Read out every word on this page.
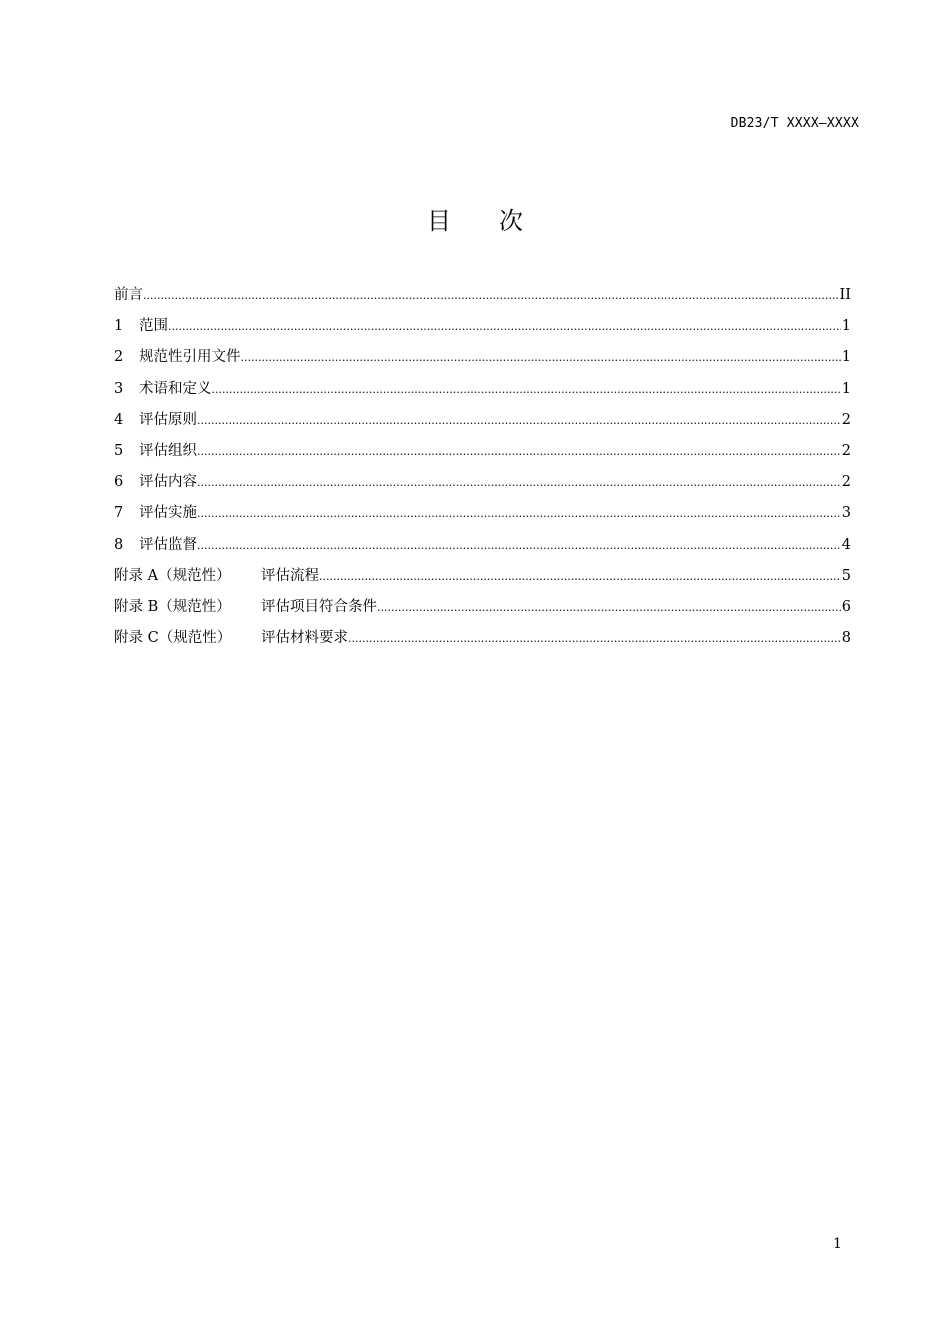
DB23/T XXXX—XXXX
目　　次
前言 .....	II
1	范围 .....	1
2	规范性引用文件 .....	1
3	术语和定义 .....	1
4	评估原则 .....	2
5	评估组织 .....	2
6	评估内容 .....	2
7	评估实施 .....	3
8	评估监督 .....	4
附录 A（规范性）	评估流程 .....	5
附录 B（规范性）	评估项目符合条件 .....	6
附录 C（规范性）	评估材料要求 .....	8
1
